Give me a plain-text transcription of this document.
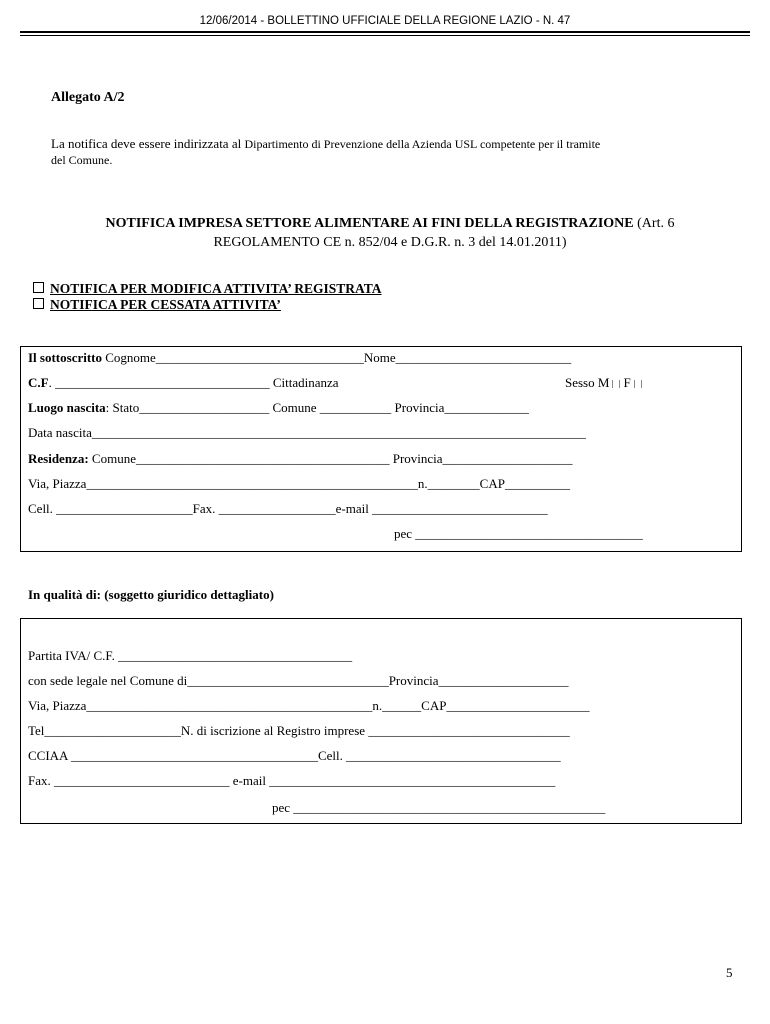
12/06/2014 - BOLLETTINO UFFICIALE DELLA REGIONE LAZIO - N. 47
Allegato A/2
La notifica deve essere indirizzata al Dipartimento di Prevenzione della Azienda USL competente per il tramite
del Comune.
NOTIFICA IMPRESA SETTORE ALIMENTARE AI FINI DELLA REGISTRAZIONE (Art. 6
REGOLAMENTO CE n. 852/04 e D.G.R. n. 3 del 14.01.2011)
NOTIFICA PER MODIFICA ATTIVITA’ REGISTRATA
NOTIFICA PER CESSATA ATTIVITA’
Il sottoscritto Cognome________________________________Nome___________________________
C.F. _________________________________ Cittadinanza	Sesso M F
Luogo nascita: Stato____________________ Comune ___________ Provincia_____________
Data nascita____________________________________________________________________________
Residenza: Comune_______________________________________ Provincia____________________
Via, Piazza___________________________________________________n.________CAP__________
Cell. _____________________Fax. __________________e-mail ___________________________
pec ___________________________________
In qualità di: (soggetto giuridico dettagliato)
Partita IVA/ C.F. ____________________________________
con sede legale nel Comune di_______________________________Provincia____________________
Via, Piazza____________________________________________n.______CAP______________________
Tel_____________________N. di iscrizione al Registro imprese _______________________________
CCIAA ______________________________________Cell. _________________________________
Fax. ___________________________ e-mail ____________________________________________
pec ________________________________________________
5
